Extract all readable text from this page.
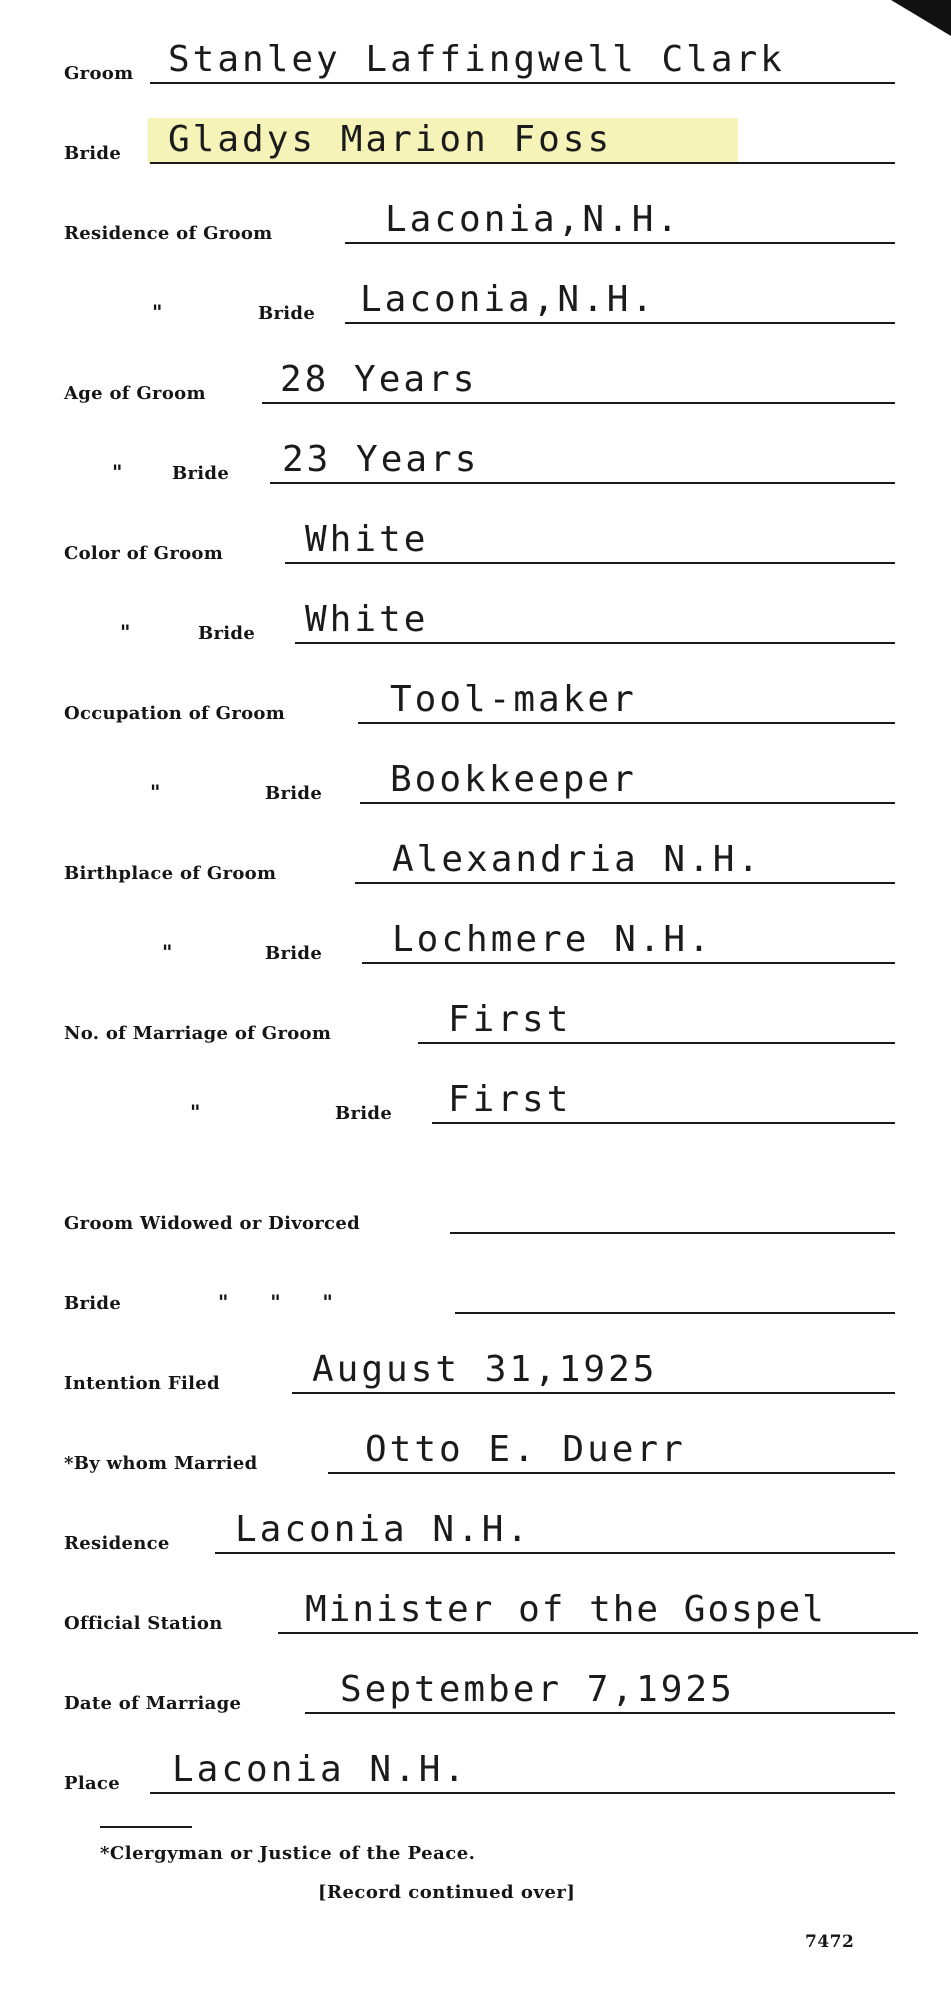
Groom Stanley Laffingwell Clark
Bride Gladys Marion Foss
Residence of Groom	Laconia,N.H.
"	Bride Laconia,N.H.
Age of Groom 28 Years
"	Bride 23 Years
Color of Groom White
"	Bride White
Occupation of Groom	Tool-maker
"	Bride Bookkeeper
Birthplace of Groom	Alexandria N.H.
"	Bride Lochmere N.H.
No. of Marriage of Groom	First
"	Bride First
Groom Widowed or Divorced
Bride	"      "      "
Intention Filed	August 31,1925
*By whom Married	Otto E. Duerr
Residence Laconia N.H.
Official Station Minister of the Gospel
Date of Marriage	September 7,1925
Place Laconia N.H.
*Clergyman or Justice of the Peace.
[Record continued over]
7472
